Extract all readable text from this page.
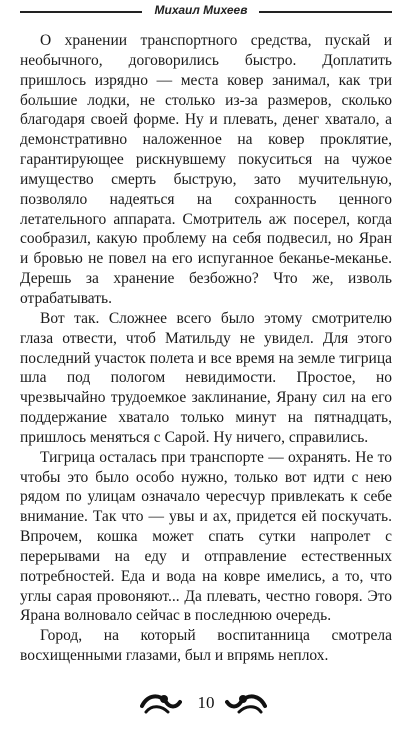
Михаил Михеев

О хранении транспортного средства, пускай и необычного, договорились быстро. Доплатить пришлось изрядно — места ковер занимал, как три большие лодки, не столько из-за размеров, сколько благодаря своей форме. Ну и плевать, денег хватало, а демонстративно наложенное на ковер проклятие, гарантирующее рискнувшему покуситься на чужое имущество смерть быструю, зато мучительную, позволяло надеяться на сохранность ценного летательного аппарата. Смотритель аж посерел, когда сообразил, какую проблему на себя подвесил, но Яран и бровью не повел на его испуганное беканье-меканье. Дерешь за хранение безбожно? Что же, изволь отрабатывать.

Вот так. Сложнее всего было этому смотрителю глаза отвести, чтоб Матильду не увидел. Для этого последний участок полета и все время на земле тигрица шла под пологом невидимости. Простое, но чрезвычайно трудоемкое заклинание, Ярану сил на его поддержание хватало только минут на пятнадцать, пришлось меняться с Сарой. Ну ничего, справились.

Тигрица осталась при транспорте — охранять. Не то чтобы это было особо нужно, только вот идти с нею рядом по улицам означало чересчур привлекать к себе внимание. Так что — увы и ах, придется ей поскучать. Впрочем, кошка может спать сутки напролет с перерывами на еду и отправление естественных потребностей. Еда и вода на ковре имелись, а то, что углы сарая провоняют... Да плевать, честно говоря. Это Ярана волновало сейчас в последнюю очередь.

Город, на который воспитанница смотрела восхищенными глазами, был и впрямь неплох.

10
